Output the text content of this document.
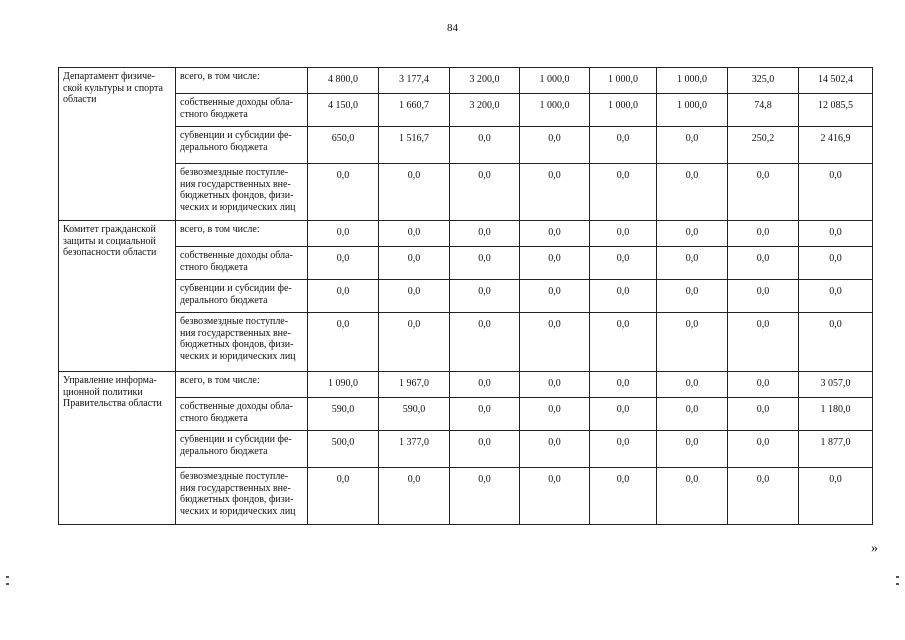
84
Департамент физиче-ской культуры и спорта области	всего, в том числе:	4 800,0	3 177,4	3 200,0	1 000,0	1 000,0	1 000,0	325,0	14 502,4
	собственные доходы обла-стного бюджета	4 150,0	1 660,7	3 200,0	1 000,0	1 000,0	1 000,0	74,8	12 085,5
	субвенции и субсидии фе-дерального бюджета	650,0	1 516,7	0,0	0,0	0,0	0,0	250,2	2 416,9
	безвозмездные поступле-ния государственных вне-бюджетных фондов, физи-ческих и юридических лиц	0,0	0,0	0,0	0,0	0,0	0,0	0,0	0,0
Комитет гражданской защиты и социальной безопасности области	всего, в том числе:	0,0	0,0	0,0	0,0	0,0	0,0	0,0	0,0
	собственные доходы обла-стного бюджета	0,0	0,0	0,0	0,0	0,0	0,0	0,0	0,0
	субвенции и субсидии фе-дерального бюджета	0,0	0,0	0,0	0,0	0,0	0,0	0,0	0,0
	безвозмездные поступле-ния государственных вне-бюджетных фондов, физи-ческих и юридических лиц	0,0	0,0	0,0	0,0	0,0	0,0	0,0	0,0
Управление информа-ционной политики Правительства области	всего, в том числе:	1 090,0	1 967,0	0,0	0,0	0,0	0,0	0,0	3 057,0
	собственные доходы обла-стного бюджета	590,0	590,0	0,0	0,0	0,0	0,0	0,0	1 180,0
	субвенции и субсидии фе-дерального бюджета	500,0	1 377,0	0,0	0,0	0,0	0,0	0,0	1 877,0
	безвозмездные поступле-ния государственных вне-бюджетных фондов, физи-ческих и юридических лиц	0,0	0,0	0,0	0,0	0,0	0,0	0,0	0,0
»
